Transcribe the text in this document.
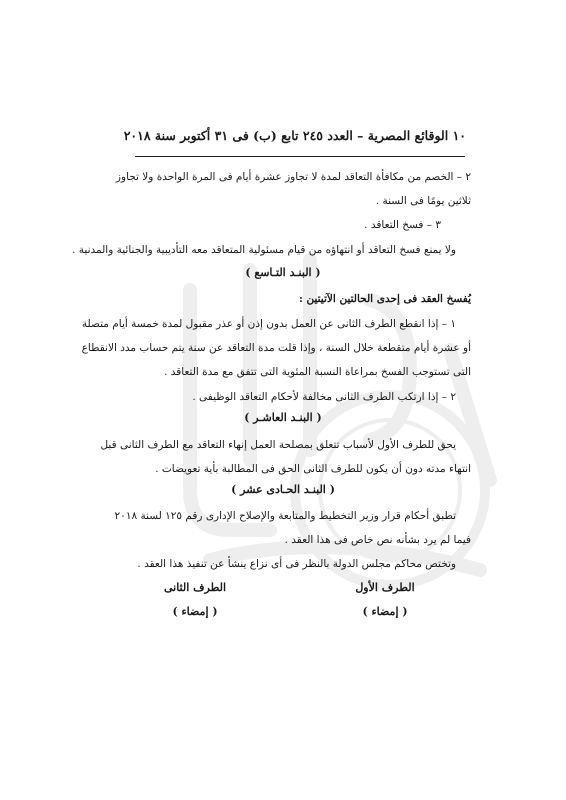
١٠ الوقائع المصرية – العدد ٢٤٥ تابع (ب) فى ٣١ أكتوبر سنة ٢٠١٨
٢ – الخصم من مكافأة التعاقد لمدة لا تجاوز عشرة أيام فى المرة الواحدة ولا تجاوز
ثلاثين يومًا فى السنة .
٣ – فسخ التعاقد .
ولا يمنع فسخ التعاقد أو انتهاؤه من قيام مسئولية المتعاقد معه التأديبية والجنائية والمدنية .
( البنـد التـاسع )
يُفسخ العقد فى إحدى الحالتين الآتيتين :
١ – إذا انقطع الطرف الثانى عن العمل بدون إذن أو عذر مقبول لمدة خمسة أيام متصلة
أو عشرة أيام متقطعة خلال السنة ، وإذا قلت مدة التعاقد عن سنة يتم حساب مدد الانقطاع
التى تستوجب الفسخ بمراعاة النسبة المئوية التى تتفق مع مدة التعاقد .
٢ – إذا ارتكب الطرف الثانى مخالفة لأحكام التعاقد الوظيفى .
( البنـد العاشـر )
يحق للطرف الأول لأسباب تتعلق بمصلحة العمل إنهاء التعاقد مع الطرف الثانى قبل
انتهاء مدته دون أن يكون للطرف الثانى الحق فى المطالبة بأية تعويضات .
( البنـد الحـادى عشر )
تطبق أحكام قرار وزير التخطيط والمتابعة والإصلاح الإدارى رقم ١٢٥ لسنة ٢٠١٨
فيما لم يرد بشأنه نص خاص فى هذا العقد .
وتختص محاكم مجلس الدولة بالنظر فى أى نزاع ينشأ عن تنفيذ هذا العقد .
الطرف الأول
( إمضاء )
الطرف الثانى
( إمضاء )
